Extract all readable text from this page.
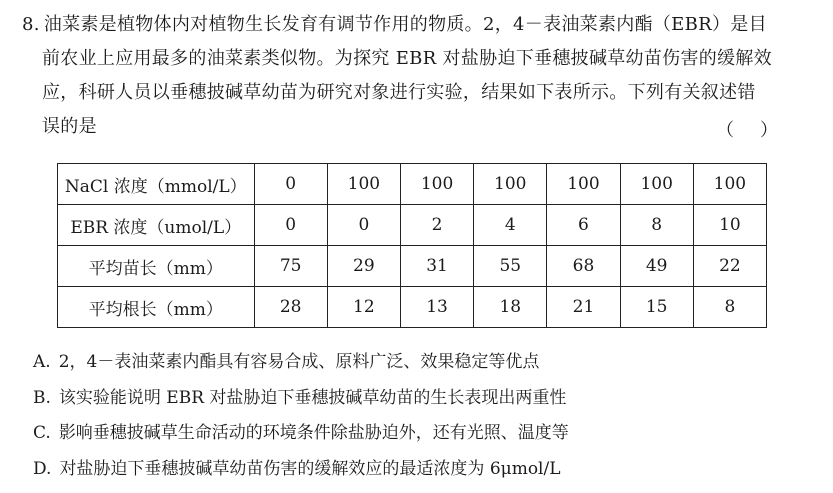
8. 油菜素是植物体内对植物生长发育有调节作用的物质。2，4－表油菜素内酯（EBR）是目
前农业上应用最多的油菜素类似物。为探究 EBR 对盐胁迫下垂穗披碱草幼苗伤害的缓解效
应，科研人员以垂穗披碱草幼苗为研究对象进行实验，结果如下表所示。下列有关叙述错
误的是	（ ）
NaCl 浓度（mmol/L）	0	100	100	100	100	100	100
EBR 浓度（umol/L）	0	0	2	4	6	8	10
平均苗长（mm）	75	29	31	55	68	49	22
平均根长（mm）	28	12	13	18	21	15	8
A. 2，4－表油菜素内酯具有容易合成、原料广泛、效果稳定等优点
B. 该实验能说明 EBR 对盐胁迫下垂穗披碱草幼苗的生长表现出两重性
C. 影响垂穗披碱草生命活动的环境条件除盐胁迫外，还有光照、温度等
D. 对盐胁迫下垂穗披碱草幼苗伤害的缓解效应的最适浓度为 6μmol/L
